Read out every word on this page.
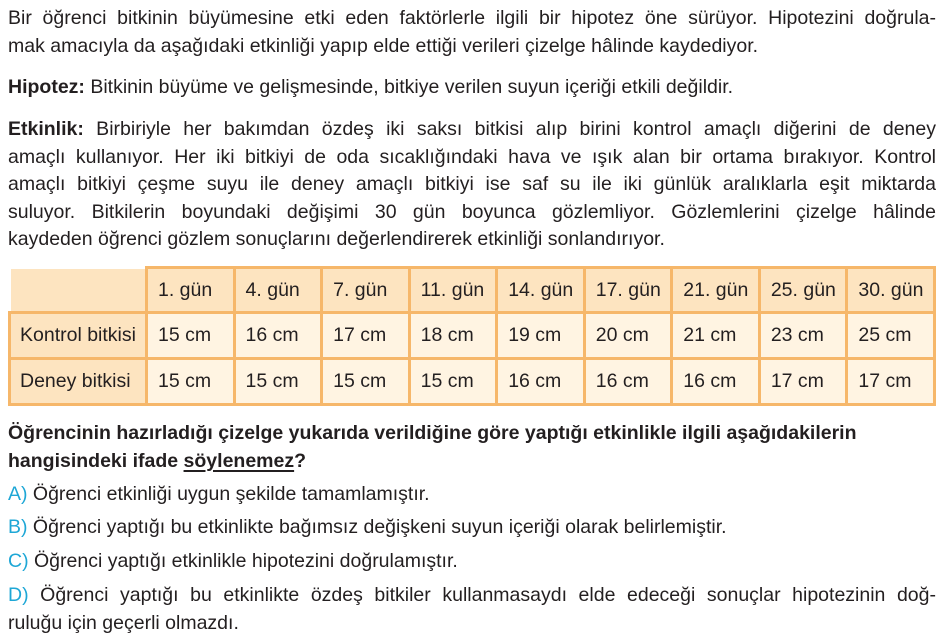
Bir öğrenci bitkinin büyümesine etki eden faktörlerle ilgili bir hipotez öne sürüyor. Hipotezini doğrula-
mak amacıyla da aşağıdaki etkinliği yapıp elde ettiği verileri çizelge hâlinde kaydediyor.
Hipotez: Bitkinin büyüme ve gelişmesinde, bitkiye verilen suyun içeriği etkili değildir.
Etkinlik: Birbiriyle her bakımdan özdeş iki saksı bitkisi alıp birini kontrol amaçlı diğerini de deney
amaçlı kullanıyor. Her iki bitkiyi de oda sıcaklığındaki hava ve ışık alan bir ortama bırakıyor. Kontrol
amaçlı bitkiyi çeşme suyu ile deney amaçlı bitkiyi ise saf su ile iki günlük aralıklarla eşit miktarda
suluyor. Bitkilerin boyundaki değişimi 30 gün boyunca gözlemliyor. Gözlemlerini çizelge hâlinde
kaydeden öğrenci gözlem sonuçlarını değerlendirerek etkinliği sonlandırıyor.
	1. gün	4. gün	7. gün	11. gün	14. gün	17. gün	21. gün	25. gün	30. gün
Kontrol bitkisi	15 cm	16 cm	17 cm	18 cm	19 cm	20 cm	21 cm	23 cm	25 cm
Deney bitkisi	15 cm	15 cm	15 cm	15 cm	16 cm	16 cm	16 cm	17 cm	17 cm
Öğrencinin hazırladığı çizelge yukarıda verildiğine göre yaptığı etkinlikle ilgili aşağıdakilerin
hangisindeki ifade söylenemez?
A) Öğrenci etkinliği uygun şekilde tamamlamıştır.
B) Öğrenci yaptığı bu etkinlikte bağımsız değişkeni suyun içeriği olarak belirlemiştir.
C) Öğrenci yaptığı etkinlikle hipotezini doğrulamıştır.
D) Öğrenci yaptığı bu etkinlikte özdeş bitkiler kullanmasaydı elde edeceği sonuçlar hipotezinin doğ-
ruluğu için geçerli olmazdı.
